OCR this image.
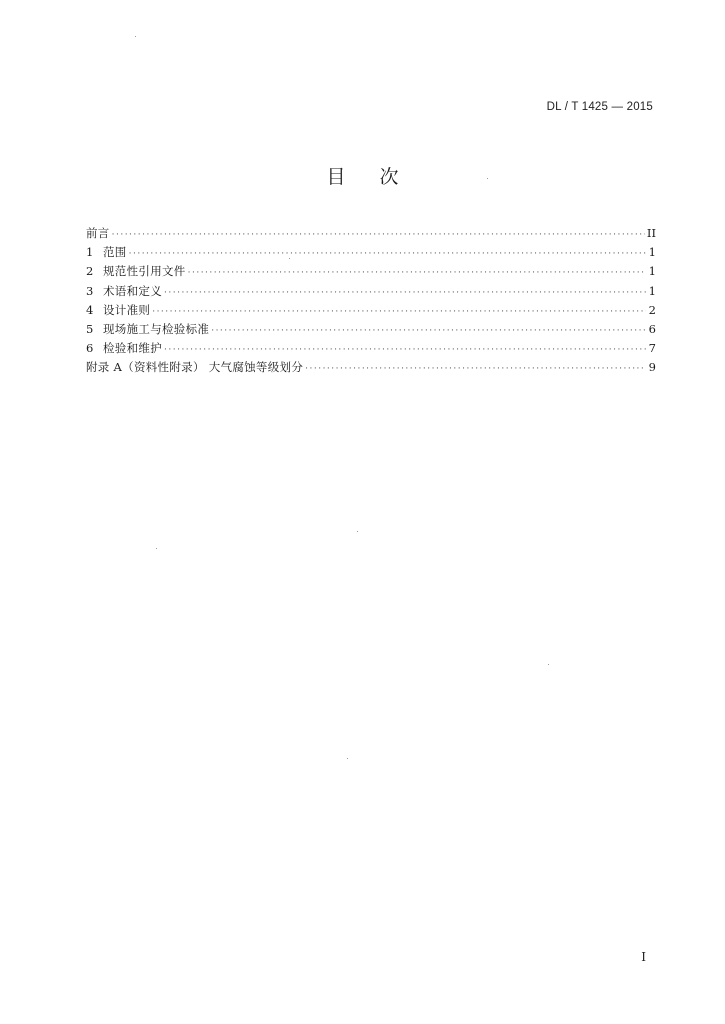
DL / T 1425 — 2015
目次
前言 ·····	II
1 范围 ·····	1
2 规范性引用文件 ·····	1
3 术语和定义 ·····	1
4 设计准则 ·····	2
5 现场施工与检验标准 ·····	6
6 检验和维护 ·····	7
附录 A（资料性附录） 大气腐蚀等级划分 ·····	9
I
